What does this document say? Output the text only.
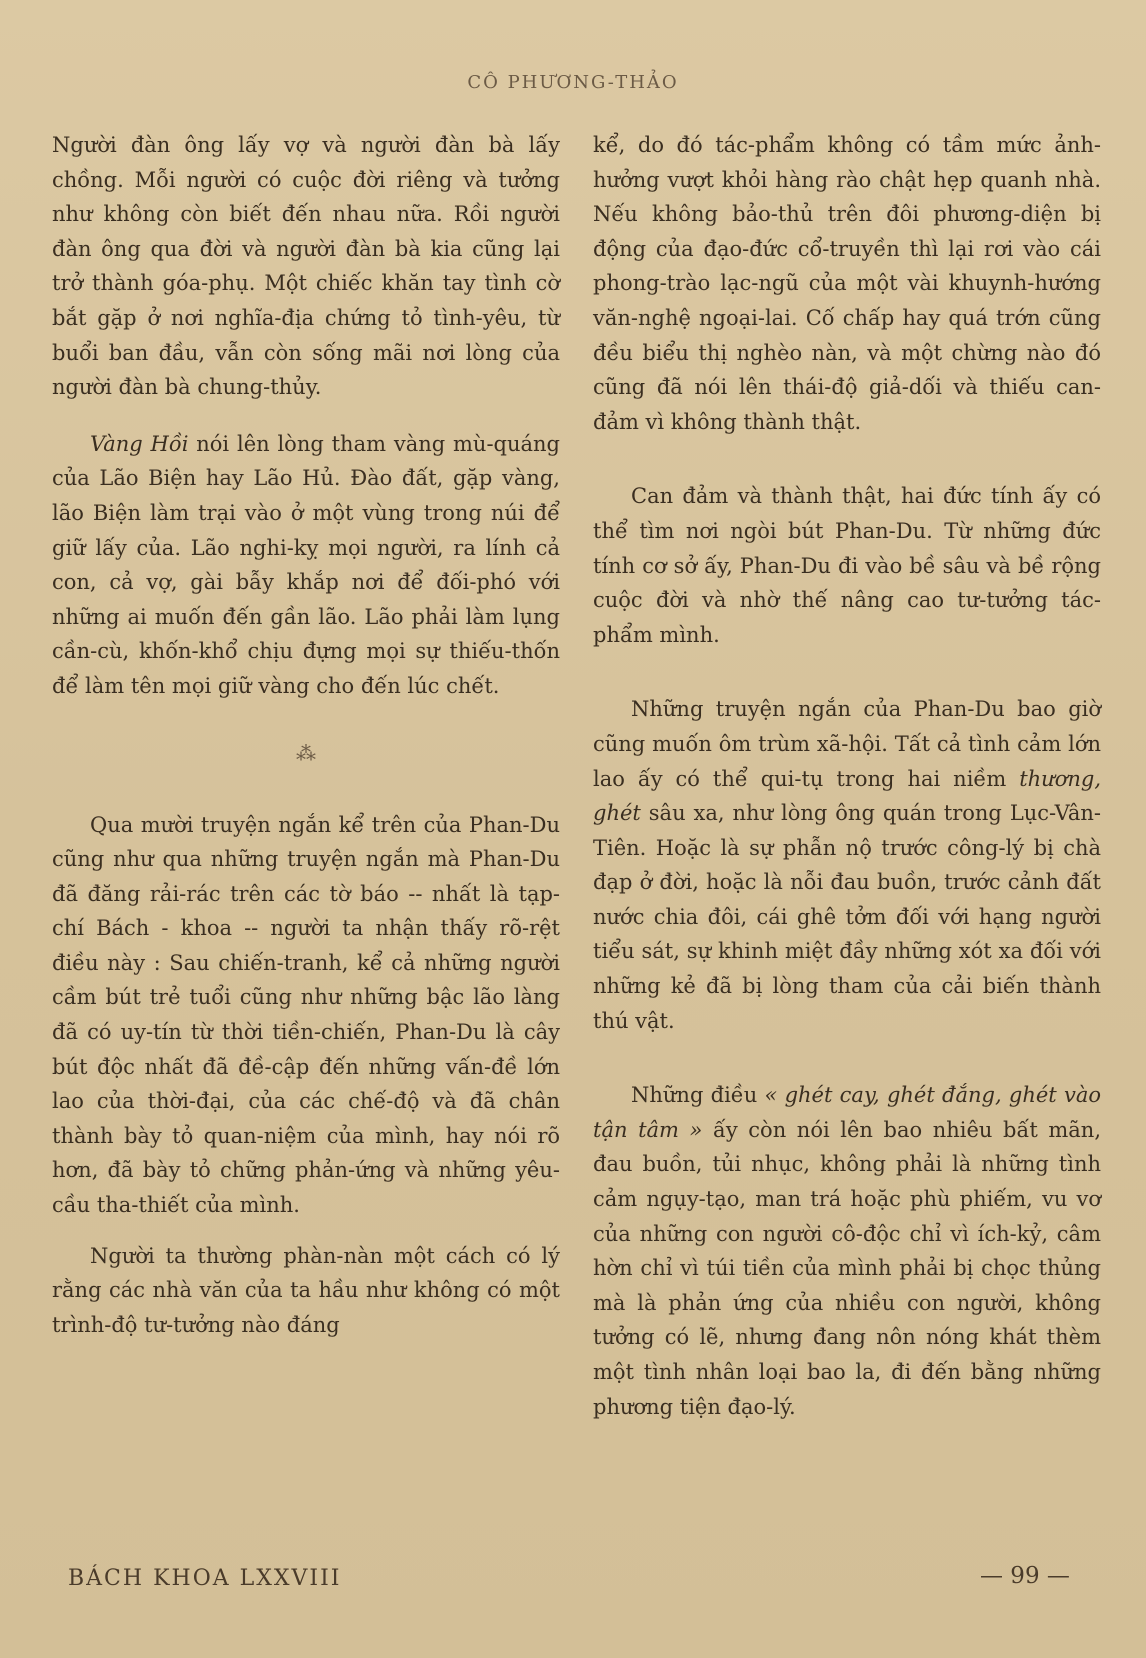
CÔ PHƯƠNG-THẢO

Người đàn ông lấy vợ và người đàn bà lấy chồng. Mỗi người có cuộc đời riêng và tưởng như không còn biết đến nhau nữa. Rồi người đàn ông qua đời và người đàn bà kia cũng lại trở thành góa-phụ. Một chiếc khăn tay tình cờ bắt gặp ở nơi nghĩa-địa chứng tỏ tình-yêu, từ buổi ban đầu, vẫn còn sống mãi nơi lòng của người đàn bà chung-thủy.

Vàng Hồi nói lên lòng tham vàng mù-quáng của Lão Biện hay Lão Hủ. Đào đất, gặp vàng, lão Biện làm trại vào ở một vùng trong núi để giữ lấy của. Lão nghi-kỵ mọi người, ra lính cả con, cả vợ, gài bẫy khắp nơi để đối-phó với những ai muốn đến gần lão. Lão phải làm lụng cần-cù, khốn-khổ chịu đựng mọi sự thiếu-thốn để làm tên mọi giữ vàng cho đến lúc chết.

⁂

Qua mười truyện ngắn kể trên của Phan-Du cũng như qua những truyện ngắn mà Phan-Du đã đăng rải-rác trên các tờ báo -- nhất là tạp-chí Bách - khoa -- người ta nhận thấy rõ-rệt điều này : Sau chiến-tranh, kể cả những người cầm bút trẻ tuổi cũng như những bậc lão làng đã có uy-tín từ thời tiền-chiến, Phan-Du là cây bút độc nhất đã đề-cập đến những vấn-đề lớn lao của thời-đại, của các chế-độ và đã chân thành bày tỏ quan-niệm của mình, hay nói rõ hơn, đã bày tỏ chững phản-ứng và những yêu-cầu tha-thiết của mình.

Người ta thường phàn-nàn một cách có lý rằng các nhà văn của ta hầu như không có một trình-độ tư-tưởng nào đáng

kể, do đó tác-phẩm không có tầm mức ảnh-hưởng vượt khỏi hàng rào chật hẹp quanh nhà. Nếu không bảo-thủ trên đôi phương-diện bị động của đạo-đức cổ-truyền thì lại rơi vào cái phong-trào lạc-ngũ của một vài khuynh-hướng văn-nghệ ngoại-lai. Cố chấp hay quá trớn cũng đều biểu thị nghèo nàn, và một chừng nào đó cũng đã nói lên thái-độ giả-dối và thiếu can-đảm vì không thành thật.

Can đảm và thành thật, hai đức tính ấy có thể tìm nơi ngòi bút Phan-Du. Từ những đức tính cơ sở ấy, Phan-Du đi vào bề sâu và bề rộng cuộc đời và nhờ thế nâng cao tư-tưởng tác-phẩm mình.

Những truyện ngắn của Phan-Du bao giờ cũng muốn ôm trùm xã-hội. Tất cả tình cảm lớn lao ấy có thể qui-tụ trong hai niềm thương, ghét sâu xa, như lòng ông quán trong Lục-Vân-Tiên. Hoặc là sự phẫn nộ trước công-lý bị chà đạp ở đời, hoặc là nỗi đau buồn, trước cảnh đất nước chia đôi, cái ghê tởm đối với hạng người tiểu sát, sự khinh miệt đầy những xót xa đối với những kẻ đã bị lòng tham của cải biến thành thú vật.

Những điều « ghét cay, ghét đắng, ghét vào tận tâm » ấy còn nói lên bao nhiêu bất mãn, đau buồn, tủi nhục, không phải là những tình cảm ngụy-tạo, man trá hoặc phù phiếm, vu vơ của những con người cô-độc chỉ vì ích-kỷ, câm hờn chỉ vì túi tiền của mình phải bị chọc thủng mà là phản ứng của nhiều con người, không tưởng có lẽ, nhưng đang nôn nóng khát thèm một tình nhân loại bao la, đi đến bằng những phương tiện đạo-lý.

BÁCH KHOA LXXVIII	— 99 —
